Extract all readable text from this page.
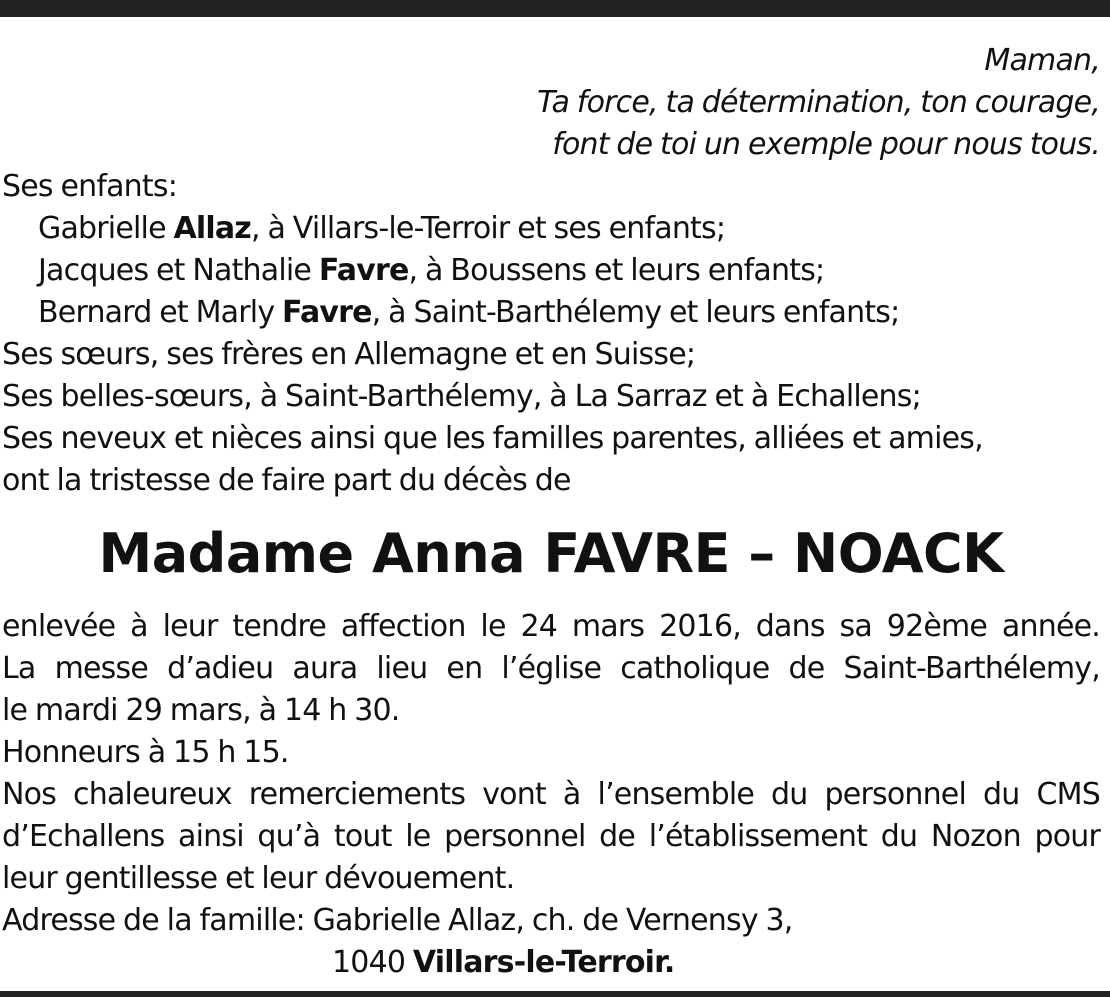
Maman,
Ta force, ta détermination, ton courage,
font de toi un exemple pour nous tous.
Ses enfants:
Gabrielle Allaz, à Villars-le-Terroir et ses enfants;
Jacques et Nathalie Favre, à Boussens et leurs enfants;
Bernard et Marly Favre, à Saint-Barthélemy et leurs enfants;
Ses sœurs, ses frères en Allemagne et en Suisse;
Ses belles-sœurs, à Saint-Barthélemy, à La Sarraz et à Echallens;
Ses neveux et nièces ainsi que les familles parentes, alliées et amies,
ont la tristesse de faire part du décès de
Madame Anna FAVRE – NOACK
enlevée à leur tendre affection le 24 mars 2016, dans sa 92ème année.
La messe d’adieu aura lieu en l’église catholique de Saint-Barthélemy,
le mardi 29 mars, à 14 h 30.
Honneurs à 15 h 15.
Nos chaleureux remerciements vont à l’ensemble du personnel du CMS
d’Echallens ainsi qu’à tout le personnel de l’établissement du Nozon pour
leur gentillesse et leur dévouement.
Adresse de la famille: Gabrielle Allaz, ch. de Vernensy 3,
1040 Villars-le-Terroir.
